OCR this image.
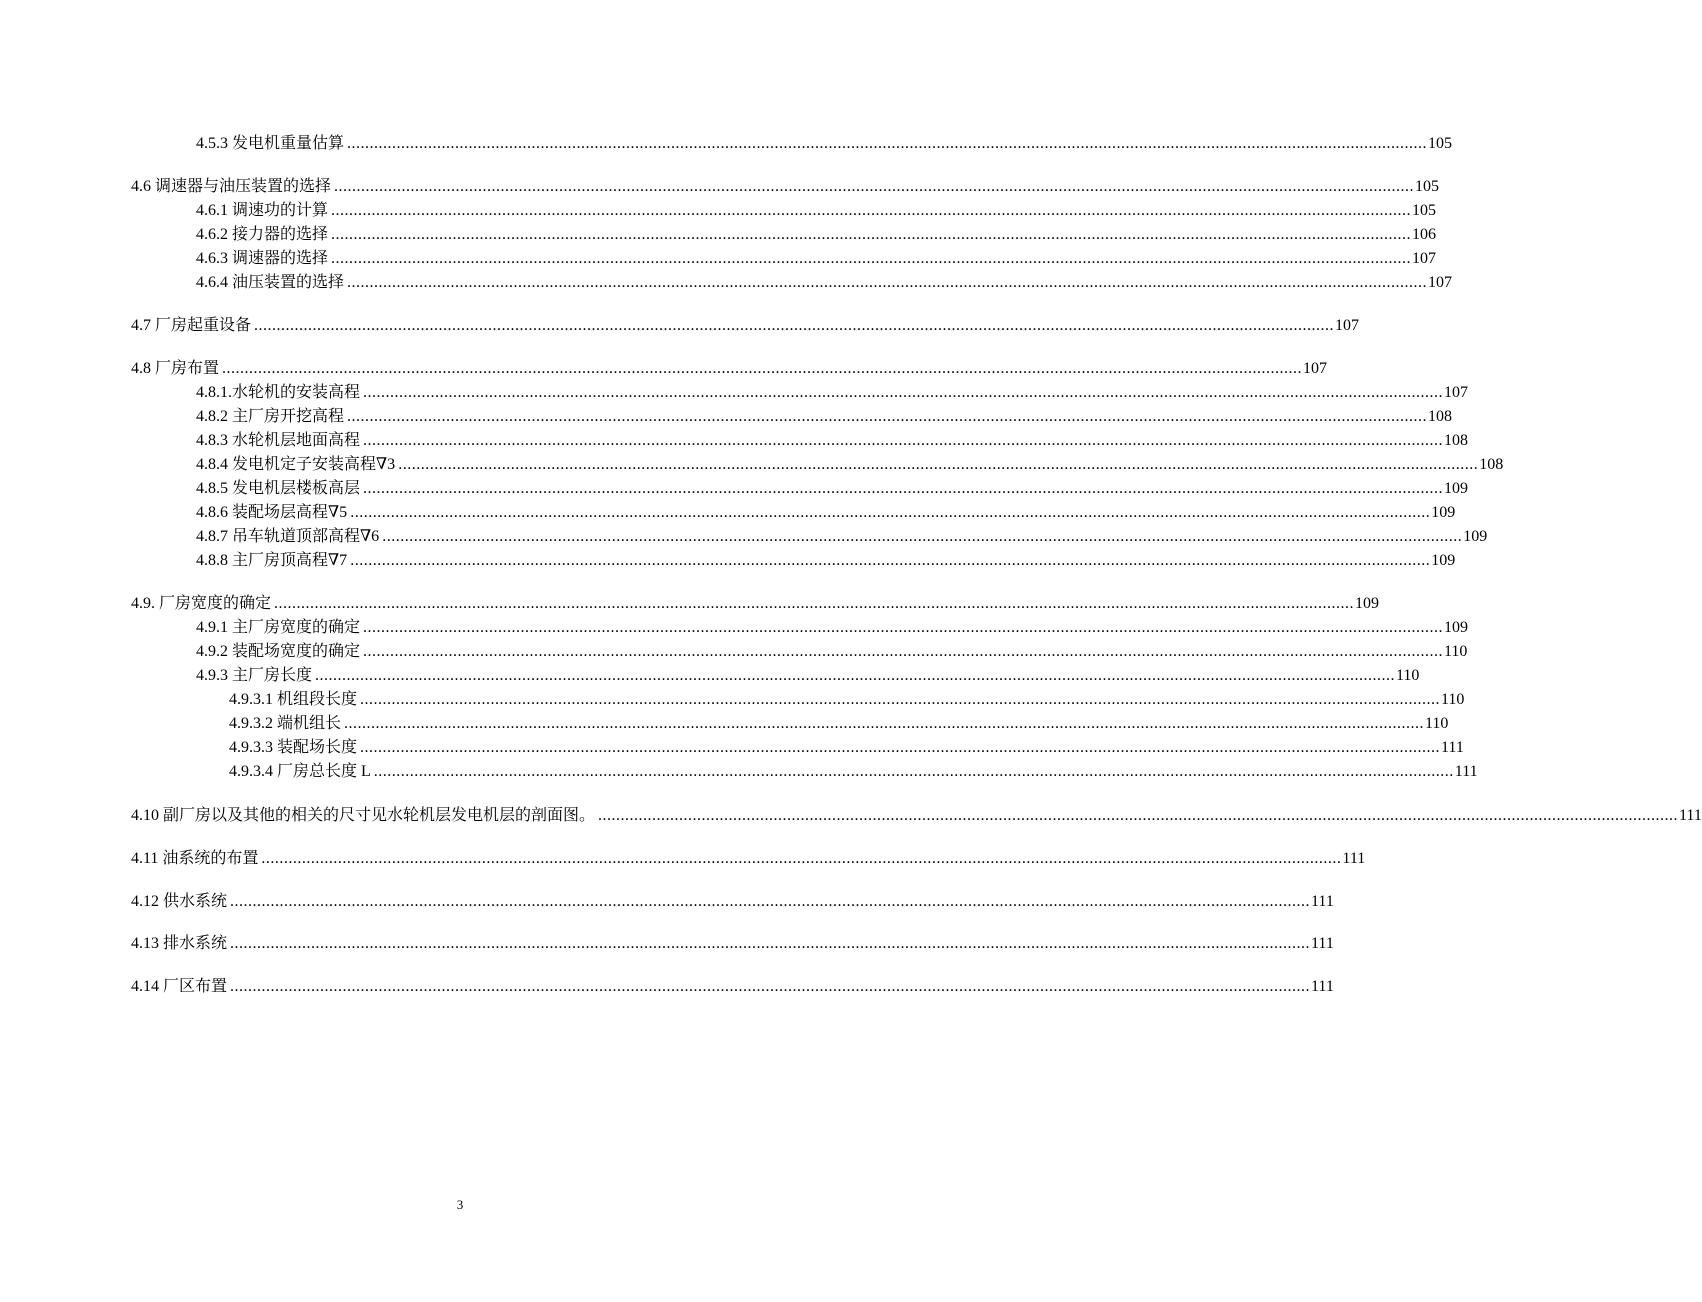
4.5.3 发电机重量估算 ................................................................................................................................................................................................................................................ 105
4.6 调速器与油压装置的选择 ................................................................................................................................................................................................................................................ 105
4.6.1 调速功的计算 ................................................................................................................................................................................................................................................ 105
4.6.2 接力器的选择 ................................................................................................................................................................................................................................................ 106
4.6.3 调速器的选择 ................................................................................................................................................................................................................................................ 107
4.6.4 油压装置的选择 ................................................................................................................................................................................................................................................ 107
4.7 厂房起重设备 ................................................................................................................................................................................................................................................ 107
4.8 厂房布置 ................................................................................................................................................................................................................................................ 107
4.8.1.水轮机的安装高程 ................................................................................................................................................................................................................................................ 107
4.8.2 主厂房开挖高程 ................................................................................................................................................................................................................................................ 108
4.8.3 水轮机层地面高程 ................................................................................................................................................................................................................................................ 108
4.8.4 发电机定子安装高程∇3 ................................................................................................................................................................................................................................................ 108
4.8.5 发电机层楼板高层 ................................................................................................................................................................................................................................................ 109
4.8.6 装配场层高程∇5 ................................................................................................................................................................................................................................................ 109
4.8.7 吊车轨道顶部高程∇6 ................................................................................................................................................................................................................................................ 109
4.8.8 主厂房顶高程∇7 ................................................................................................................................................................................................................................................ 109
4.9. 厂房宽度的确定 ................................................................................................................................................................................................................................................ 109
4.9.1 主厂房宽度的确定 ................................................................................................................................................................................................................................................ 109
4.9.2 装配场宽度的确定 ................................................................................................................................................................................................................................................ 110
4.9.3 主厂房长度 ................................................................................................................................................................................................................................................ 110
4.9.3.1 机组段长度 ................................................................................................................................................................................................................................................ 110
4.9.3.2 端机组长 ................................................................................................................................................................................................................................................ 110
4.9.3.3 装配场长度 ................................................................................................................................................................................................................................................ 111
4.9.3.4 厂房总长度 L ................................................................................................................................................................................................................................................ 111
4.10 副厂房以及其他的相关的尺寸见水轮机层发电机层的剖面图。 ................................................................................................................................................................................................................................................ 111
4.11 油系统的布置 ................................................................................................................................................................................................................................................ 111
4.12 供水系统 ................................................................................................................................................................................................................................................ 111
4.13 排水系统 ................................................................................................................................................................................................................................................ 111
4.14 厂区布置 ................................................................................................................................................................................................................................................ 111
3
